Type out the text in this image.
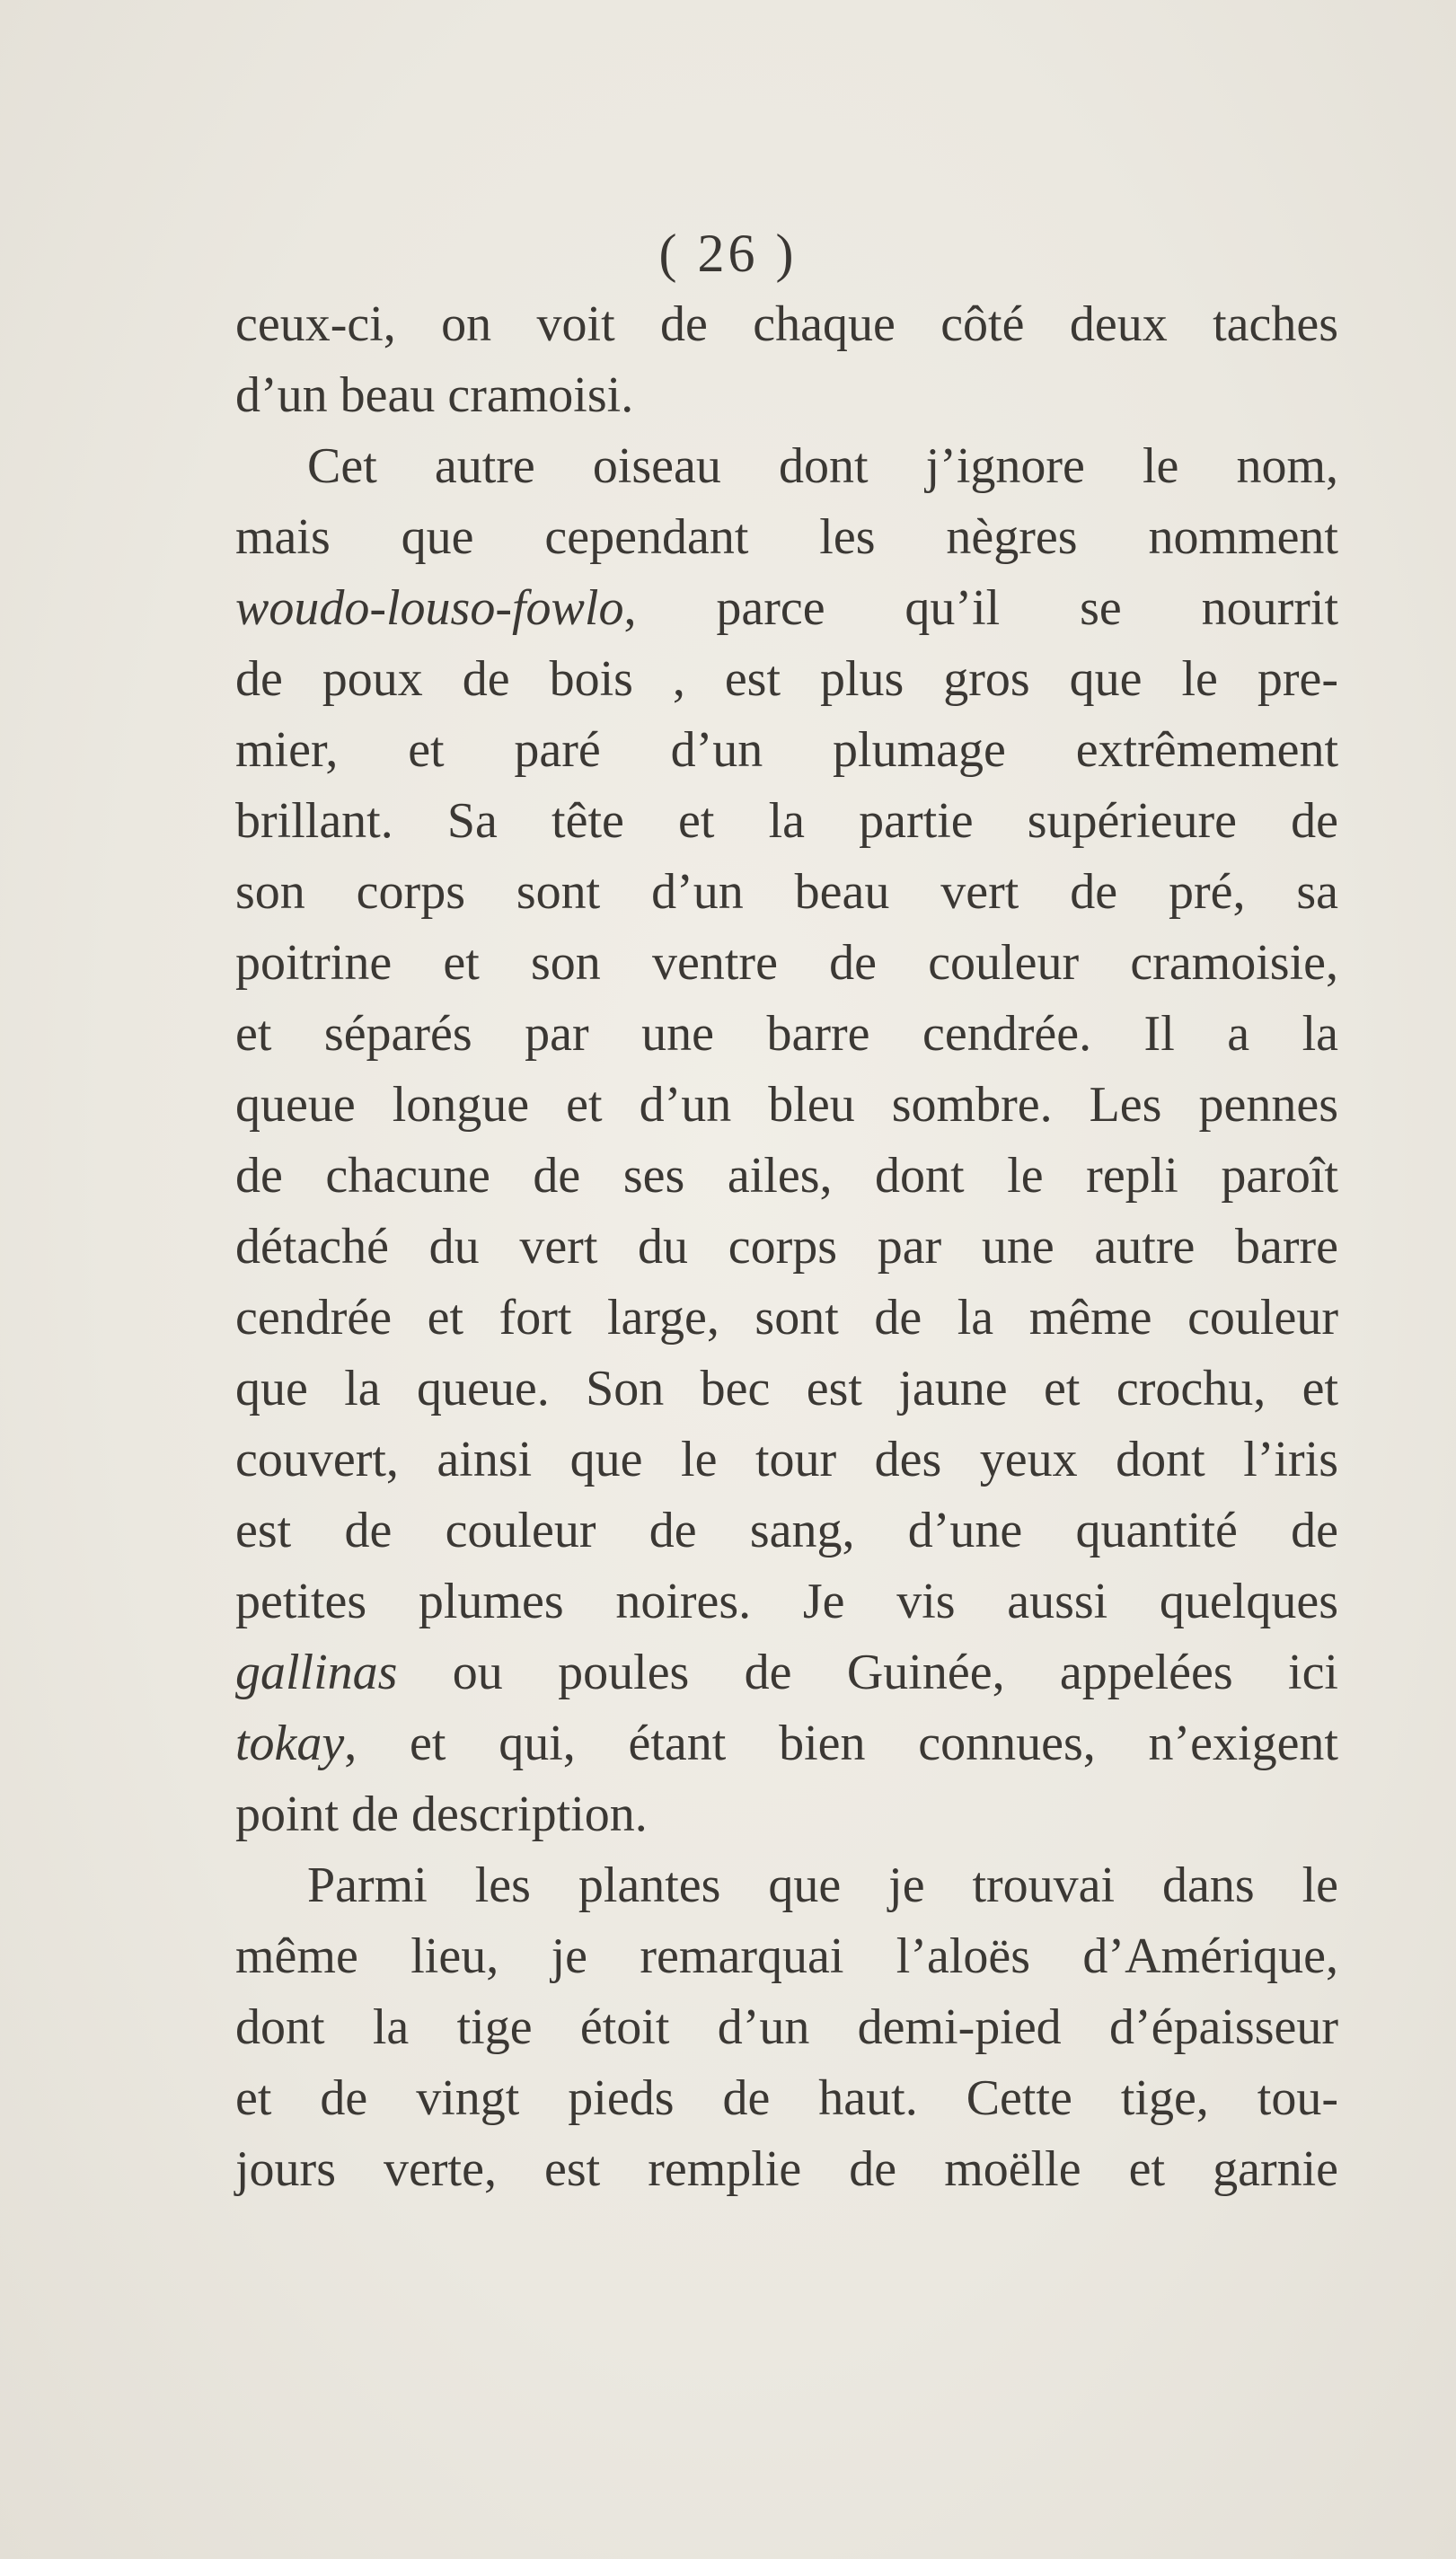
( 26 )
ceux-ci, on voit de chaque côté deux taches
d’un beau cramoisi.
Cet autre oiseau dont j’ignore le nom,
mais que cependant les nègres nomment
woudo-louso-fowlo, parce qu’il se nourrit
de poux de bois , est plus gros que le pre-
mier, et paré d’un plumage extrêmement
brillant. Sa tête et la partie supérieure de
son corps sont d’un beau vert de pré, sa
poitrine et son ventre de couleur cramoisie,
et séparés par une barre cendrée. Il a la
queue longue et d’un bleu sombre. Les pennes
de chacune de ses ailes, dont le repli paroît
détaché du vert du corps par une autre barre
cendrée et fort large, sont de la même couleur
que la queue. Son bec est jaune et crochu, et
couvert, ainsi que le tour des yeux dont l’iris
est de couleur de sang, d’une quantité de
petites plumes noires. Je vis aussi quelques
gallinas ou poules de Guinée, appelées ici
tokay, et qui, étant bien connues, n’exigent
point de description.
Parmi les plantes que je trouvai dans le
même lieu, je remarquai l’aloës d’Amérique,
dont la tige étoit d’un demi-pied d’épaisseur
et de vingt pieds de haut. Cette tige, tou-
jours verte, est remplie de moëlle et garnie
